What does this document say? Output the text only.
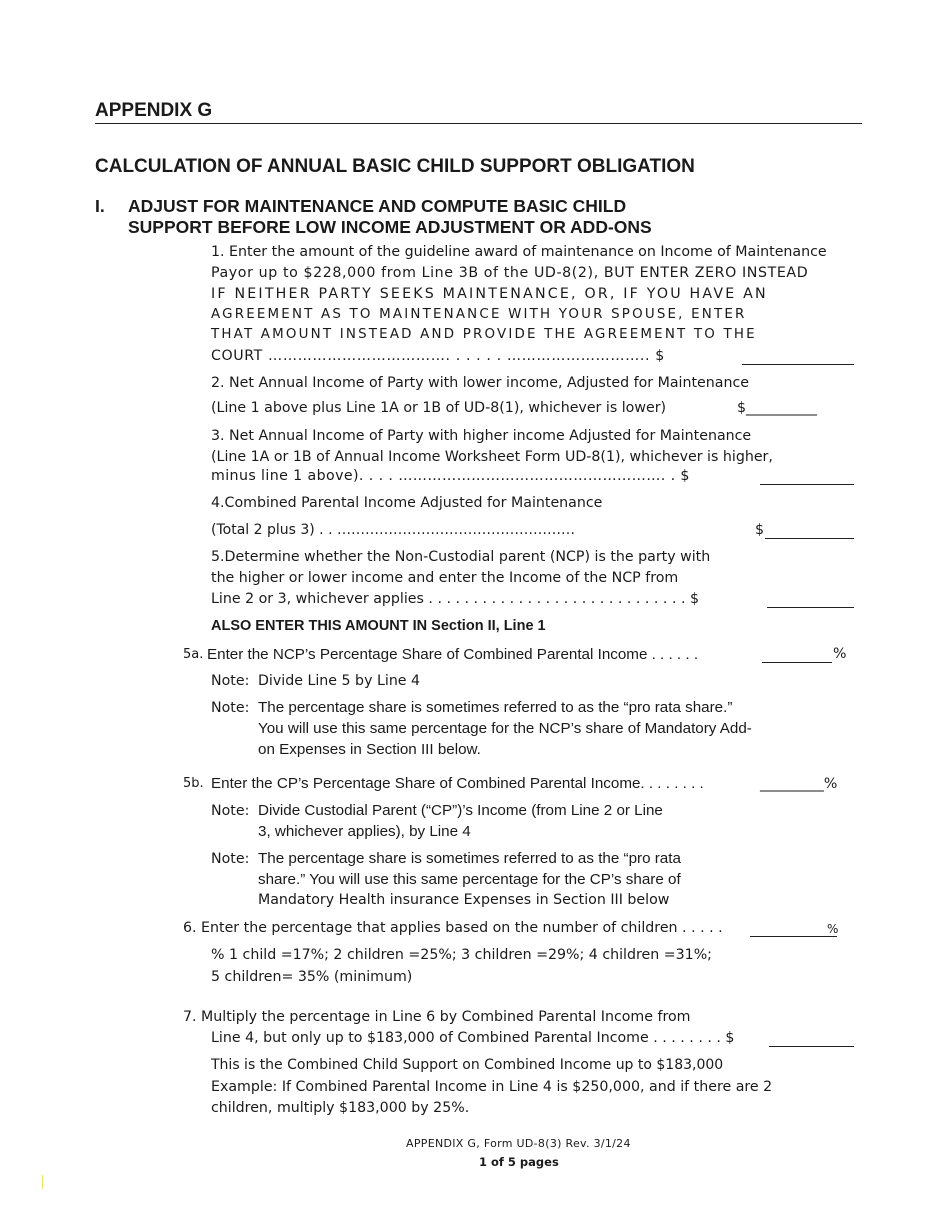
APPENDIX G
CALCULATION OF ANNUAL BASIC CHILD SUPPORT OBLIGATION
I. ADJUST FOR MAINTENANCE AND COMPUTE BASIC CHILD
SUPPORT BEFORE LOW INCOME ADJUSTMENT OR ADD-ONS
1. Enter the amount of the guideline award of maintenance on Income of Maintenance
Payor up to $228,000 from Line 3B of the UD-8(2), BUT ENTER ZERO INSTEAD
IF NEITHER PARTY SEEKS MAINTENANCE, OR, IF YOU HAVE AN
AGREEMENT AS TO MAINTENANCE WITH YOUR SPOUSE, ENTER
THAT AMOUNT INSTEAD AND PROVIDE THE AGREEMENT TO THE
COURT ………………………………. . . . . . ……………………….. $
2. Net Annual Income of Party with lower income, Adjusted for Maintenance
(Line 1 above plus Line 1A or 1B of UD-8(1), whichever is lower)	$__________
3. Net Annual Income of Party with higher income Adjusted for Maintenance
(Line 1A or 1B of Annual Income Worksheet Form UD-8(1), whichever is higher,
minus line 1 above). . . . ………………………………………………. . $
4.Combined Parental Income Adjusted for Maintenance
(Total 2 plus 3) . . ……………………………………………	$
5.Determine whether the Non-Custodial parent (NCP) is the party with
the higher or lower income and enter the Income of the NCP from
Line 2 or 3, whichever applies . . . . . . . . . . . . . . . . . . . . . . . . . . . . . $
ALSO ENTER THIS AMOUNT IN Section II, Line 1
5a. Enter the NCP’s Percentage Share of Combined Parental Income . . . . . .	%
Note: Divide Line 5 by Line 4
Note: The percentage share is sometimes referred to as the “pro rata share.”
You will use this same percentage for the NCP’s share of Mandatory Add-
on Expenses in Section III below.
5b. Enter the CP’s Percentage Share of Combined Parental Income. . . . . . . .	_________%
Note: Divide Custodial Parent (“CP”)’s Income (from Line 2 or Line
3, whichever applies), by Line 4
Note: The percentage share is sometimes referred to as the “pro rata
share.” You will use this same percentage for the CP’s share of
Mandatory Health insurance Expenses in Section III below
6. Enter the percentage that applies based on the number of children . . . . .	%
% 1 child =17%; 2 children =25%; 3 children =29%; 4 children =31%;
5 children= 35% (minimum)
7. Multiply the percentage in Line 6 by Combined Parental Income from
Line 4, but only up to $183,000 of Combined Parental Income . . . . . . . . $
This is the Combined Child Support on Combined Income up to $183,000
Example: If Combined Parental Income in Line 4 is $250,000, and if there are 2
children, multiply $183,000 by 25%.
APPENDIX G, Form UD-8(3) Rev. 3/1/24
1 of 5 pages
